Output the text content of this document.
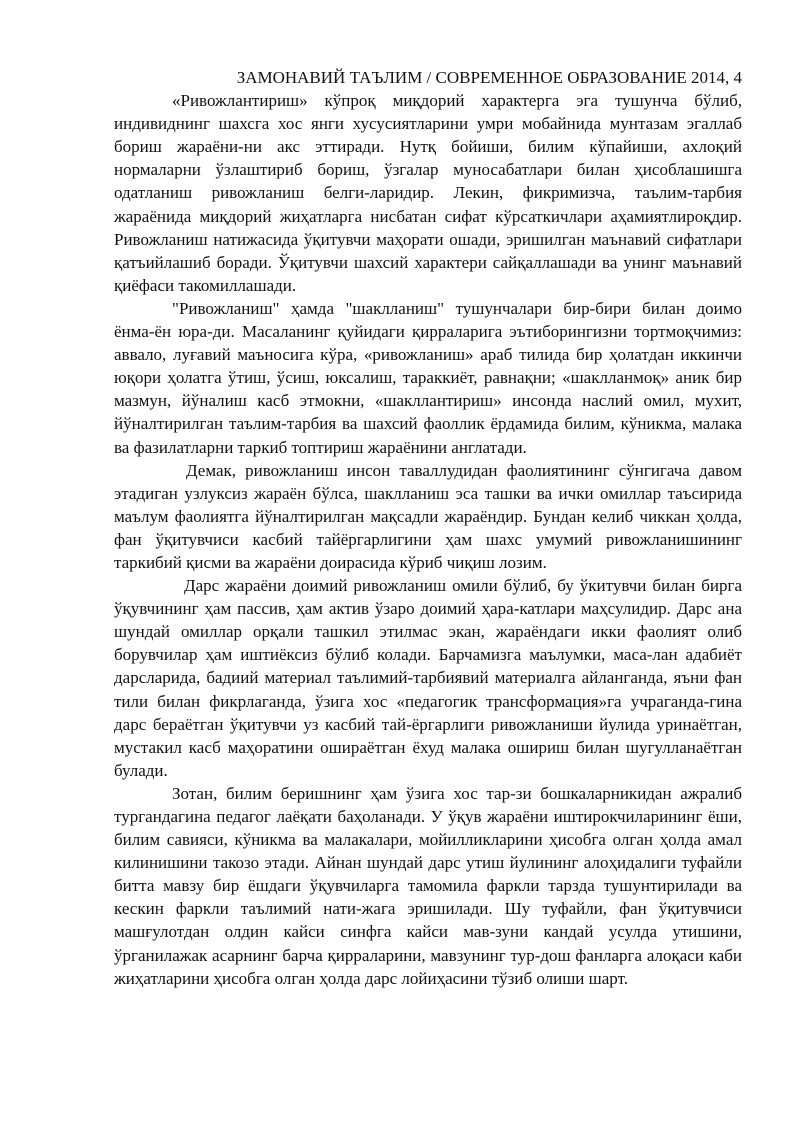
ЗАМОНАВИЙ ТАЪЛИМ / СОВРЕМЕННОЕ ОБРАЗОВАНИЕ 2014, 4

«Ривожлантириш» кўпроқ миқдорий характерга эга тушунча бўлиб, индивиднинг шахсга хос янги хусусиятларини умри мобайнида мунтазам эгаллаб бориш жараёни-ни акс эттиради. Нутқ бойиши, билим кўпайиши, ахлоқий нормаларни ўзлаштириб бориш, ўзгалар муносабатлари билан ҳисоблашишга одатланиш ривожланиш белги-ларидир. Лекин, фикримизча, таълим-тарбия жараёнида миқдорий жиҳатларга нисбатан сифат кўрсаткичлари аҳамиятлироқдир. Ривожланиш натижасида ўқитувчи маҳорати ошади, эришилган маънавий сифатлари қатъийлашиб боради. Ўқитувчи шахсий характери сайқаллашади ва унинг маънавий қиёфаси такомиллашади.

"Ривожланиш" ҳамда "шаклланиш" тушунчалари бир-бири билан доимо ёнма-ён юра-ди. Масаланинг қуйидаги қирраларига эътиборингизни тортмоқчимиз: аввало, луғавий маъносига кўра, «ривожланиш» араб тилида бир ҳолатдан иккинчи юқори ҳолатга ўтиш, ўсиш, юксалиш, тараккиёт, равнақни; «шаклланмоқ» аник бир мазмун, йўналиш касб этмокни, «шакллантириш» инсонда наслий омил, мухит, йўналтирилган таълим-тарбия ва шахсий фаоллик ёрдамида билим, кўникма, малака ва фазилатларни таркиб топтириш жараёнини англатади.

Демак, ривожланиш инсон таваллудидан фаолиятининг сўнгигача давом этадиган узлуксиз жараён бўлса, шаклланиш эса ташки ва ички омиллар таъсирида маълум фаолиятга йўналтирилган мақсадли жараёндир. Бундан келиб чиккан ҳолда, фан ўқитувчиси касбий тайёргарлигини ҳам шахс умумий ривожланишининг таркибий қисми ва жараёни доирасида кўриб чиқиш лозим.

Дарс жараёни доимий ривожланиш омили бўлиб, бу ўкитувчи билан бирга ўқувчининг ҳам пассив, ҳам актив ўзаро доимий ҳара-катлари маҳсулидир. Дарс ана шундай омиллар орқали ташкил этилмас экан, жараёндаги икки фаолият олиб борувчилар ҳам иштиёксиз бўлиб колади. Барчамизга маълумки, маса-лан адабиёт дарсларида, бадиий материал таълимий-тарбиявий материалга айланганда, яъни фан тили билан фикрлаганда, ўзига хос «педагогик трансформация»га учраганда-гина дарс бераётган ўқитувчи уз касбий тай-ёргарлиги ривожланиши йулида уринаётган, мустакил касб маҳоратини ошираётган ёхуд малака ошириш билан шугулланаётган булади.

Зотан, билим беришнинг ҳам ўзига хос тар-зи бошкаларникидан ажралиб тургандагина педагог лаёқати баҳоланади. У ўқув жараёни иштирокчиларининг ёши, билим савияси, кўникма ва малакалари, мойилликларини ҳисобга олган ҳолда амал килинишини такозо этади. Айнан шундай дарс утиш йулининг алоҳидалиги туфайли битта мавзу бир ёшдаги ўқувчиларга тамомила фаркли тарзда тушунтирилади ва кескин фаркли таълимий нати-жага эришилади. Шу туфайли, фан ўқитувчиси машғулотдан олдин кайси синфга кайси мав-зуни кандай усулда утишини, ўрганилажак асарнинг барча қирраларини, мавзунинг тур-дош фанларга алоқаси каби жиҳатларини ҳисобга олган ҳолда дарс лойиҳасини тўзиб олиши шарт.
